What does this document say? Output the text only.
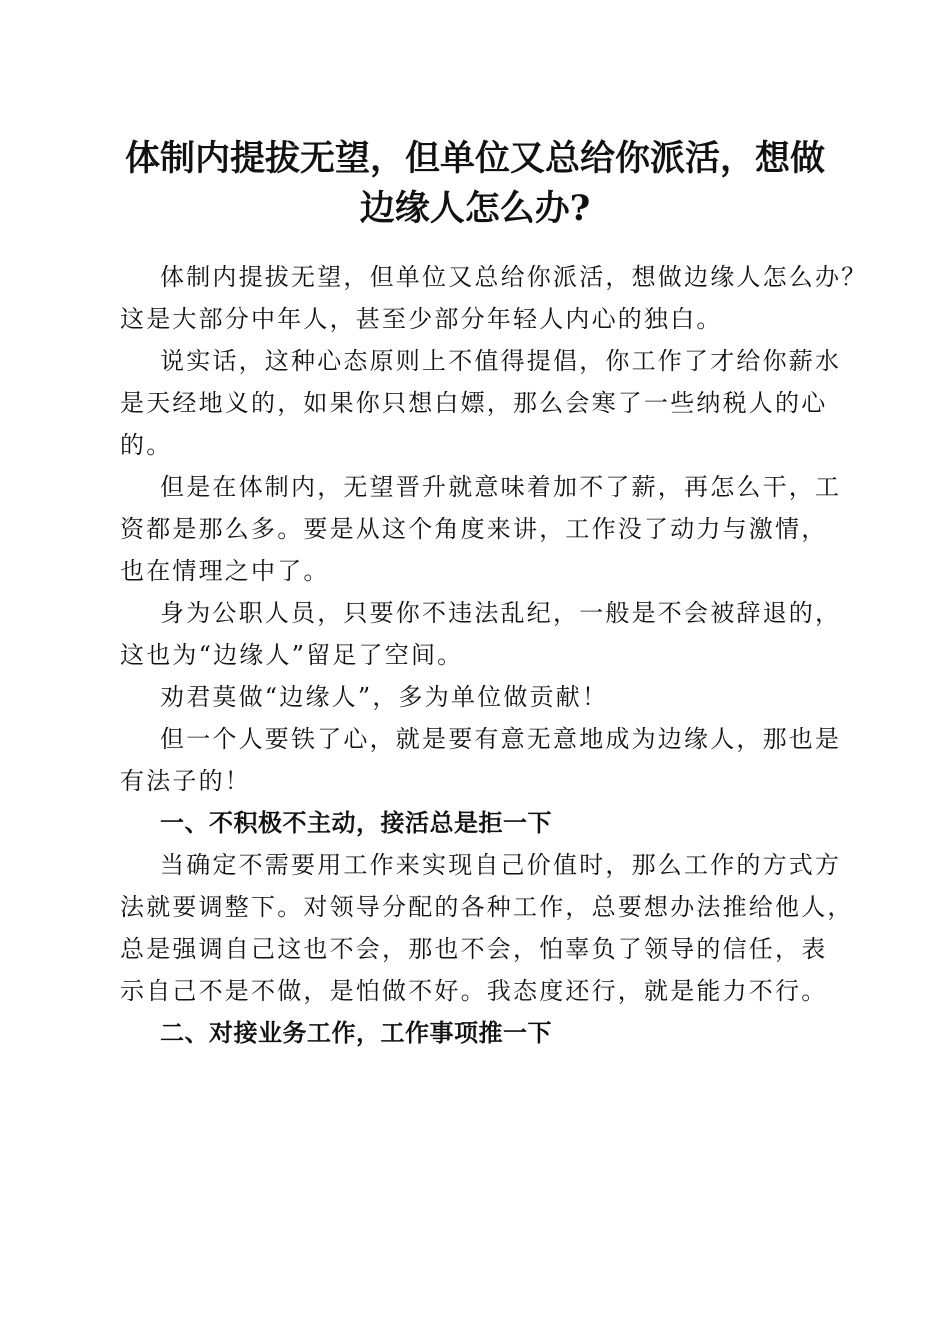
体制内提拔无望，但单位又总给你派活，想做
边缘人怎么办?
体制内提拔无望，但单位又总给你派活，想做边缘人怎么办？
这是大部分中年人，甚至少部分年轻人内心的独白。
说实话，这种心态原则上不值得提倡，你工作了才给你薪水
是天经地义的，如果你只想白嫖，那么会寒了一些纳税人的心
的。
但是在体制内，无望晋升就意味着加不了薪，再怎么干，工
资都是那么多。要是从这个角度来讲，工作没了动力与激情，
也在情理之中了。
身为公职人员，只要你不违法乱纪，一般是不会被辞退的，
这也为“边缘人”留足了空间。
劝君莫做“边缘人”，多为单位做贡献！
但一个人要铁了心，就是要有意无意地成为边缘人，那也是
有法子的！
一、不积极不主动，接活总是拒一下
当确定不需要用工作来实现自己价值时，那么工作的方式方
法就要调整下。对领导分配的各种工作，总要想办法推给他人，
总是强调自己这也不会，那也不会，怕辜负了领导的信任，表
示自己不是不做，是怕做不好。我态度还行，就是能力不行。
二、对接业务工作，工作事项推一下
